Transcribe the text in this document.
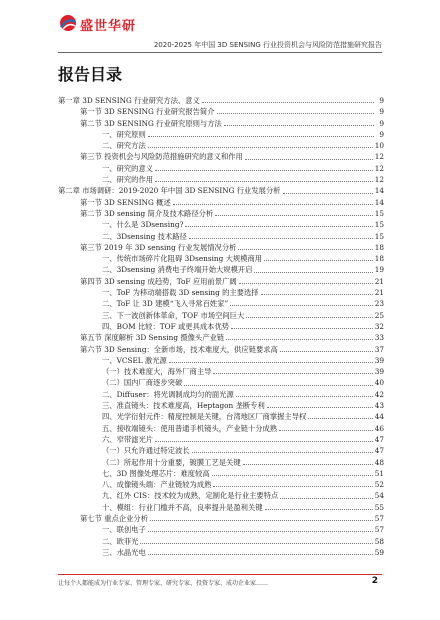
盛世华研
2020-2025 年中国 3D SENSING 行业投资机会与风险防范措施研究报告
报告目录
第一章 3D SENSING 行业研究方法、意义	9
第一节 3D SENSING 行业研究报告简介	9
第二节 3D SENSING 行业研究原则与方法	9
一、研究原则	9
二、研究方法	10
第三节 投资机会与风险防范措施研究的意义和作用	12
一、研究的意义	12
二、研究的作用	12
第二章 市场调研：2019-2020 年中国 3D SENSING 行业发展分析	14
第一节 3D SENSING 概述	14
第二节 3D sensing 简介及技术路径分析	15
一、什么是 3Dsensing?	15
二、3Dsensing 技术路径	15
第三节 2019 年 3D sensing 行业发展情况分析	18
一、传统市场碎片化阻碍 3Dsensing 大规模商用	18
二、3Dsensing 消费电子终端开始大规模开启	19
第四节 3D sensing 成趋势，ToF 应用前景广阔	21
一、ToF 为移动端搭载 3D sensing 的主要选择	21
二、ToF 让 3D 建模“飞入寻常百姓家”	23
三、下一波创新体革命，TOF 市场空间巨大	25
四、BOM 比较：TOF 或更具成本优势	32
第五节 深度解析 3D Sensing 摄像头产业链	33
第六节 3D Sensing：全新市场，技术难度大，供应链要求高	37
一、VCSEL 激光源	39
（一）技术难度大，海外厂商主导	39
（二）国内厂商逐步突破	40
二、Diffuser：将光调制成均匀的面光源	42
三、准直镜头：技术难度高，Heptagon 垄断专利	43
四、光学衍射元件：精度控制是关键，台湾地区厂商掌握主导权	44
五、接收端镜头：使用普通手机镜头，产业链十分成熟	46
六、窄带滤光片	47
（一）只允许通过特定波长	47
（二）所起作用十分重要，镀膜工艺是关键	48
七、3D 图像处理芯片：难度较高	51
八、成像镜头端：产业链较为成熟	52
九、红外 CIS：技术较为成熟，定制化是行业主要特点	54
十、模组：行业门槛并不高，良率提升是盈利关键	55
第七节 重点企业分析	57
一、联创电子	57
二、欧菲光	58
三、水晶光电	59
让每个人都能成为行业专家、管理专家、研究专家、投资专家、成功企业家……	2
